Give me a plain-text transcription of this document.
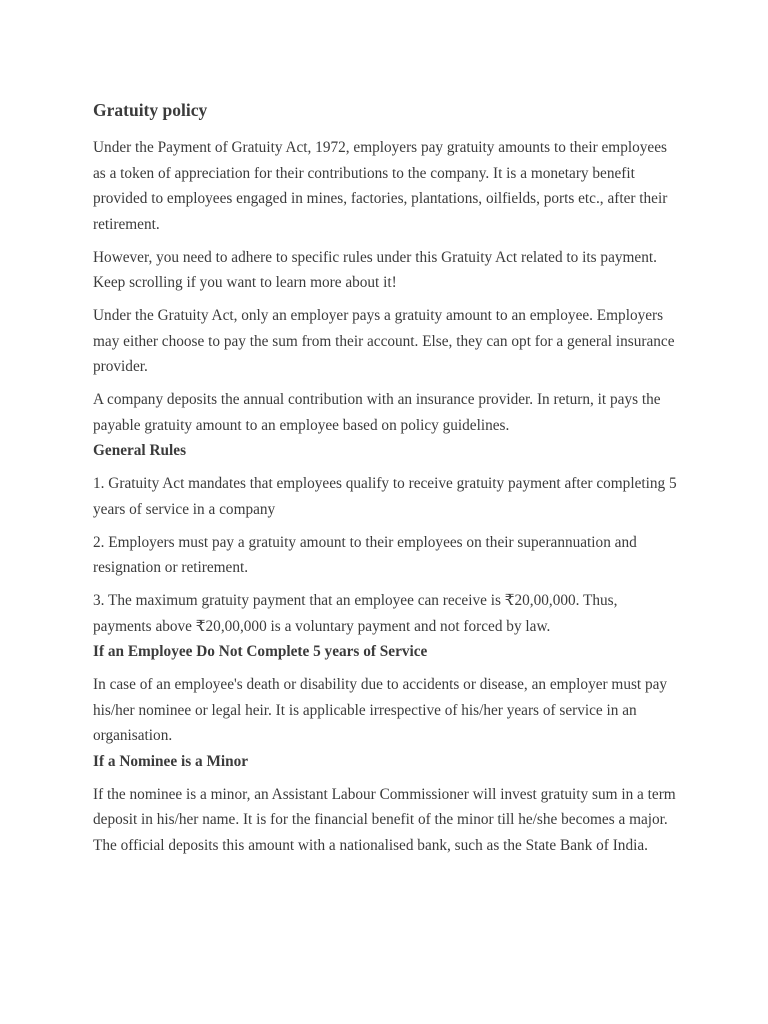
Gratuity policy

Under the Payment of Gratuity Act, 1972, employers pay gratuity amounts to their employees as a token of appreciation for their contributions to the company. It is a monetary benefit provided to employees engaged in mines, factories, plantations, oilfields, ports etc., after their retirement.

However, you need to adhere to specific rules under this Gratuity Act related to its payment. Keep scrolling if you want to learn more about it!

Under the Gratuity Act, only an employer pays a gratuity amount to an employee. Employers may either choose to pay the sum from their account. Else, they can opt for a general insurance provider.

A company deposits the annual contribution with an insurance provider. In return, it pays the payable gratuity amount to an employee based on policy guidelines.

General Rules

1. Gratuity Act mandates that employees qualify to receive gratuity payment after completing 5 years of service in a company

2. Employers must pay a gratuity amount to their employees on their superannuation and resignation or retirement.

3. The maximum gratuity payment that an employee can receive is ₹20,00,000. Thus, payments above ₹20,00,000 is a voluntary payment and not forced by law.

If an Employee Do Not Complete 5 years of Service

In case of an employee's death or disability due to accidents or disease, an employer must pay his/her nominee or legal heir. It is applicable irrespective of his/her years of service in an organisation.

If a Nominee is a Minor

If the nominee is a minor, an Assistant Labour Commissioner will invest gratuity sum in a term deposit in his/her name. It is for the financial benefit of the minor till he/she becomes a major. The official deposits this amount with a nationalised bank, such as the State Bank of India.
